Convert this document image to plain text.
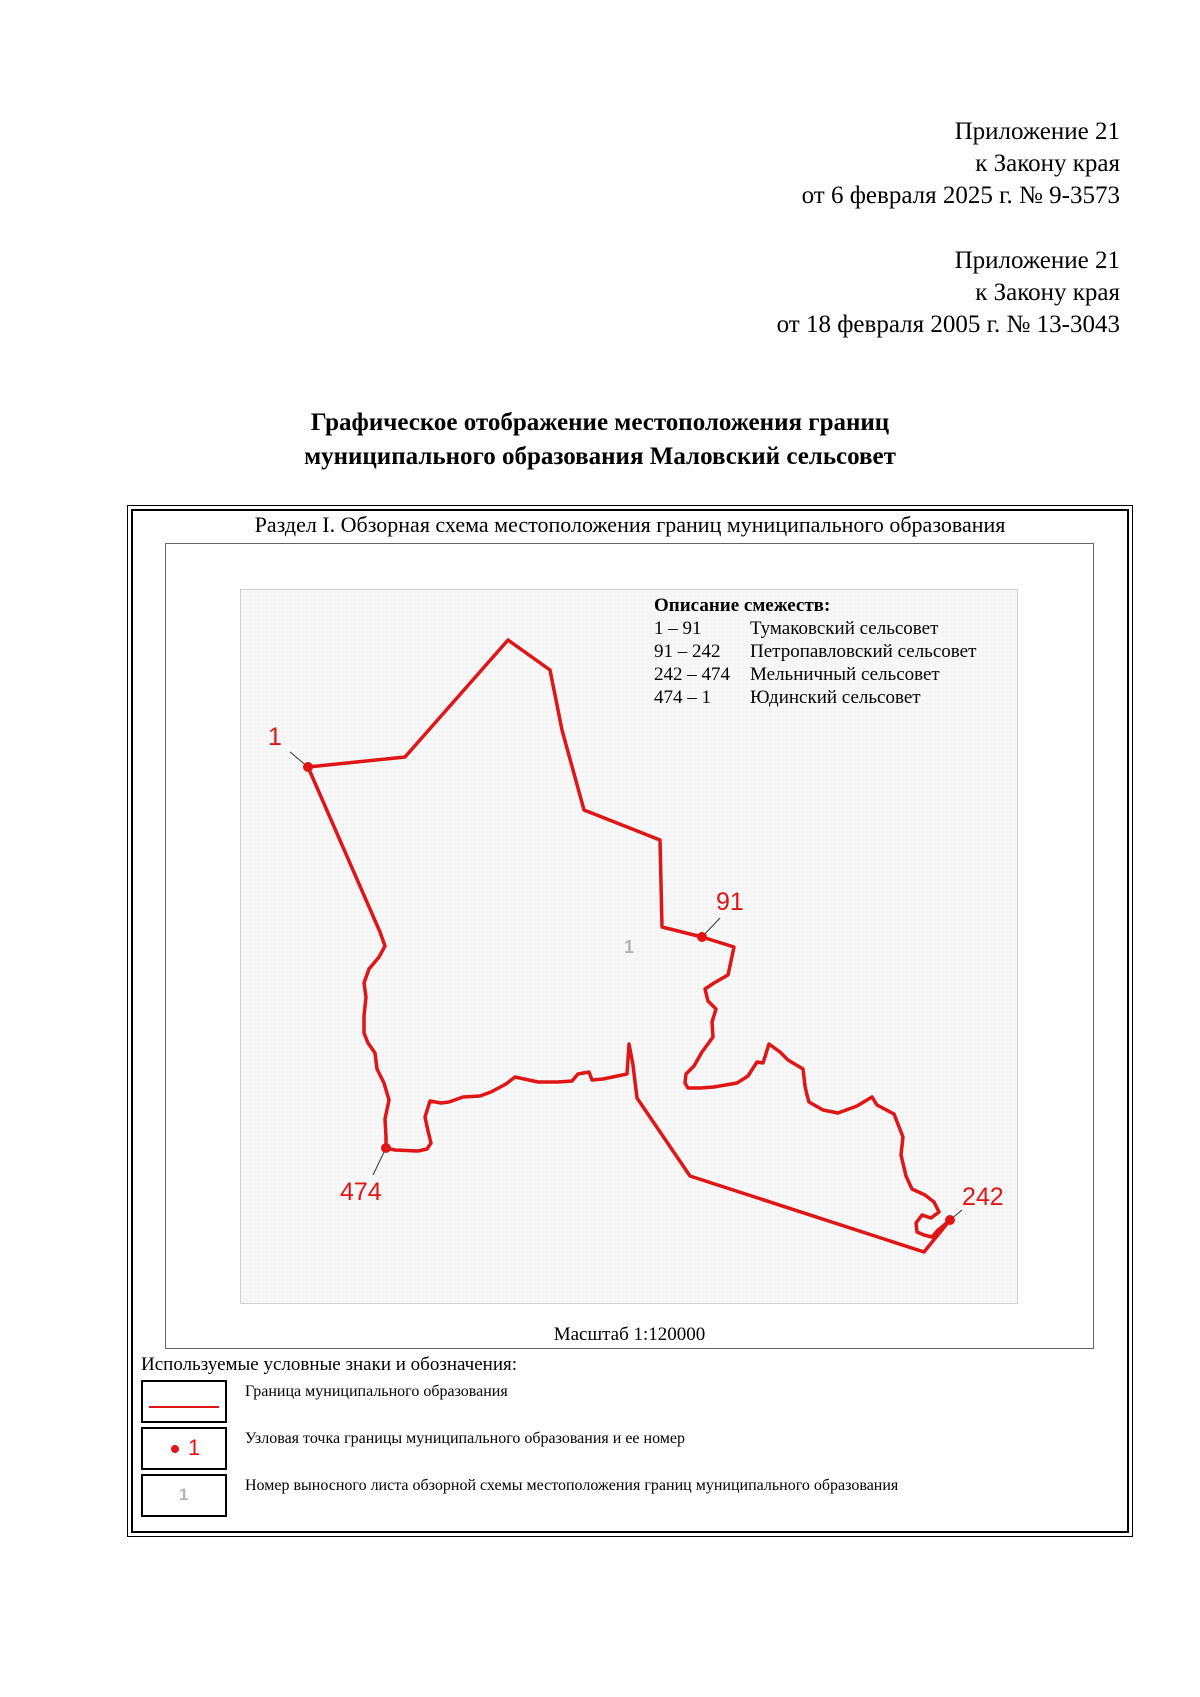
Приложение 21
к Закону края
от 6 февраля 2025 г. № 9-3573
Приложение 21
к Закону края
от 18 февраля 2005 г. № 13-3043
Графическое отображение местоположения границ
муниципального образования Маловский сельсовет
Раздел I. Обзорная схема местоположения границ муниципального образования
Описание смежеств:
1 – 91	Тумаковский сельсовет
91 – 242	Петропавловский сельсовет
242 – 474	Мельничный сельсовет
474 – 1	Юдинский сельсовет
1
91
242
474
1
Масштаб 1:120000
Используемые условные знаки и обозначения:
Граница муниципального образования
1	Узловая точка границы муниципального образования и ее номер
1	Номер выносного листа обзорной схемы местоположения границ муниципального образования
